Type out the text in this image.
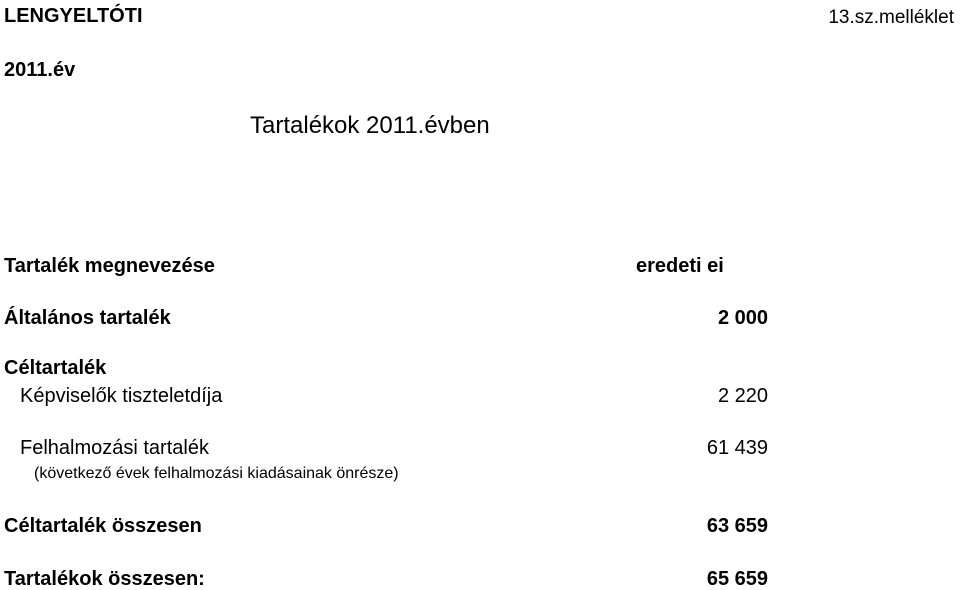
LENGYELTÓTI	13.sz.melléklet
2011.év
Tartalékok 2011.évben
Tartalék megnevezése	eredeti ei
Általános tartalék	2 000
Céltartalék
Képviselők tiszteletdíja	2 220
Felhalmozási tartalék	61 439
(következő évek felhalmozási kiadásainak önrésze)
Céltartalék összesen	63 659
Tartalékok összesen:	65 659
